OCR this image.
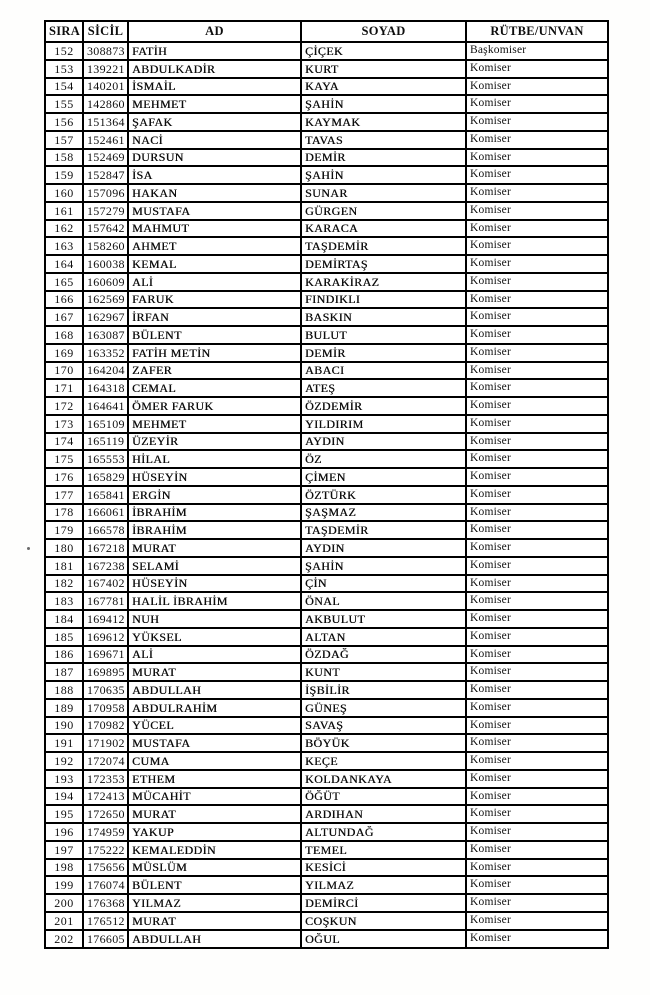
SIRA	SİCİL	AD	SOYAD	RÜTBE/UNVAN
152	308873	FATİH	ÇİÇEK	Başkomiser
153	139221	ABDULKADİR	KURT	Komiser
154	140201	İSMAİL	KAYA	Komiser
155	142860	MEHMET	ŞAHİN	Komiser
156	151364	ŞAFAK	KAYMAK	Komiser
157	152461	NACİ	TAVAS	Komiser
158	152469	DURSUN	DEMİR	Komiser
159	152847	İSA	ŞAHİN	Komiser
160	157096	HAKAN	SUNAR	Komiser
161	157279	MUSTAFA	GÜRGEN	Komiser
162	157642	MAHMUT	KARACA	Komiser
163	158260	AHMET	TAŞDEMİR	Komiser
164	160038	KEMAL	DEMİRTAŞ	Komiser
165	160609	ALİ	KARAKİRAZ	Komiser
166	162569	FARUK	FINDIKLI	Komiser
167	162967	İRFAN	BASKIN	Komiser
168	163087	BÜLENT	BULUT	Komiser
169	163352	FATİH METİN	DEMİR	Komiser
170	164204	ZAFER	ABACI	Komiser
171	164318	CEMAL	ATEŞ	Komiser
172	164641	ÖMER FARUK	ÖZDEMİR	Komiser
173	165109	MEHMET	YILDIRIM	Komiser
174	165119	ÜZEYİR	AYDIN	Komiser
175	165553	HİLAL	ÖZ	Komiser
176	165829	HÜSEYİN	ÇİMEN	Komiser
177	165841	ERGİN	ÖZTÜRK	Komiser
178	166061	İBRAHİM	ŞAŞMAZ	Komiser
179	166578	İBRAHİM	TAŞDEMİR	Komiser
180	167218	MURAT	AYDIN	Komiser
181	167238	SELAMİ	ŞAHİN	Komiser
182	167402	HÜSEYİN	ÇİN	Komiser
183	167781	HALİL İBRAHİM	ÖNAL	Komiser
184	169412	NUH	AKBULUT	Komiser
185	169612	YÜKSEL	ALTAN	Komiser
186	169671	ALİ	ÖZDAĞ	Komiser
187	169895	MURAT	KUNT	Komiser
188	170635	ABDULLAH	İŞBİLİR	Komiser
189	170958	ABDULRAHİM	GÜNEŞ	Komiser
190	170982	YÜCEL	SAVAŞ	Komiser
191	171902	MUSTAFA	BÖYÜK	Komiser
192	172074	CUMA	KEÇE	Komiser
193	172353	ETHEM	KOLDANKAYA	Komiser
194	172413	MÜCAHİT	ÖĞÜT	Komiser
195	172650	MURAT	ARDIHAN	Komiser
196	174959	YAKUP	ALTUNDAĞ	Komiser
197	175222	KEMALEDDİN	TEMEL	Komiser
198	175656	MÜSLÜM	KESİCİ	Komiser
199	176074	BÜLENT	YILMAZ	Komiser
200	176368	YILMAZ	DEMİRCİ	Komiser
201	176512	MURAT	COŞKUN	Komiser
202	176605	ABDULLAH	OĞUL	Komiser
